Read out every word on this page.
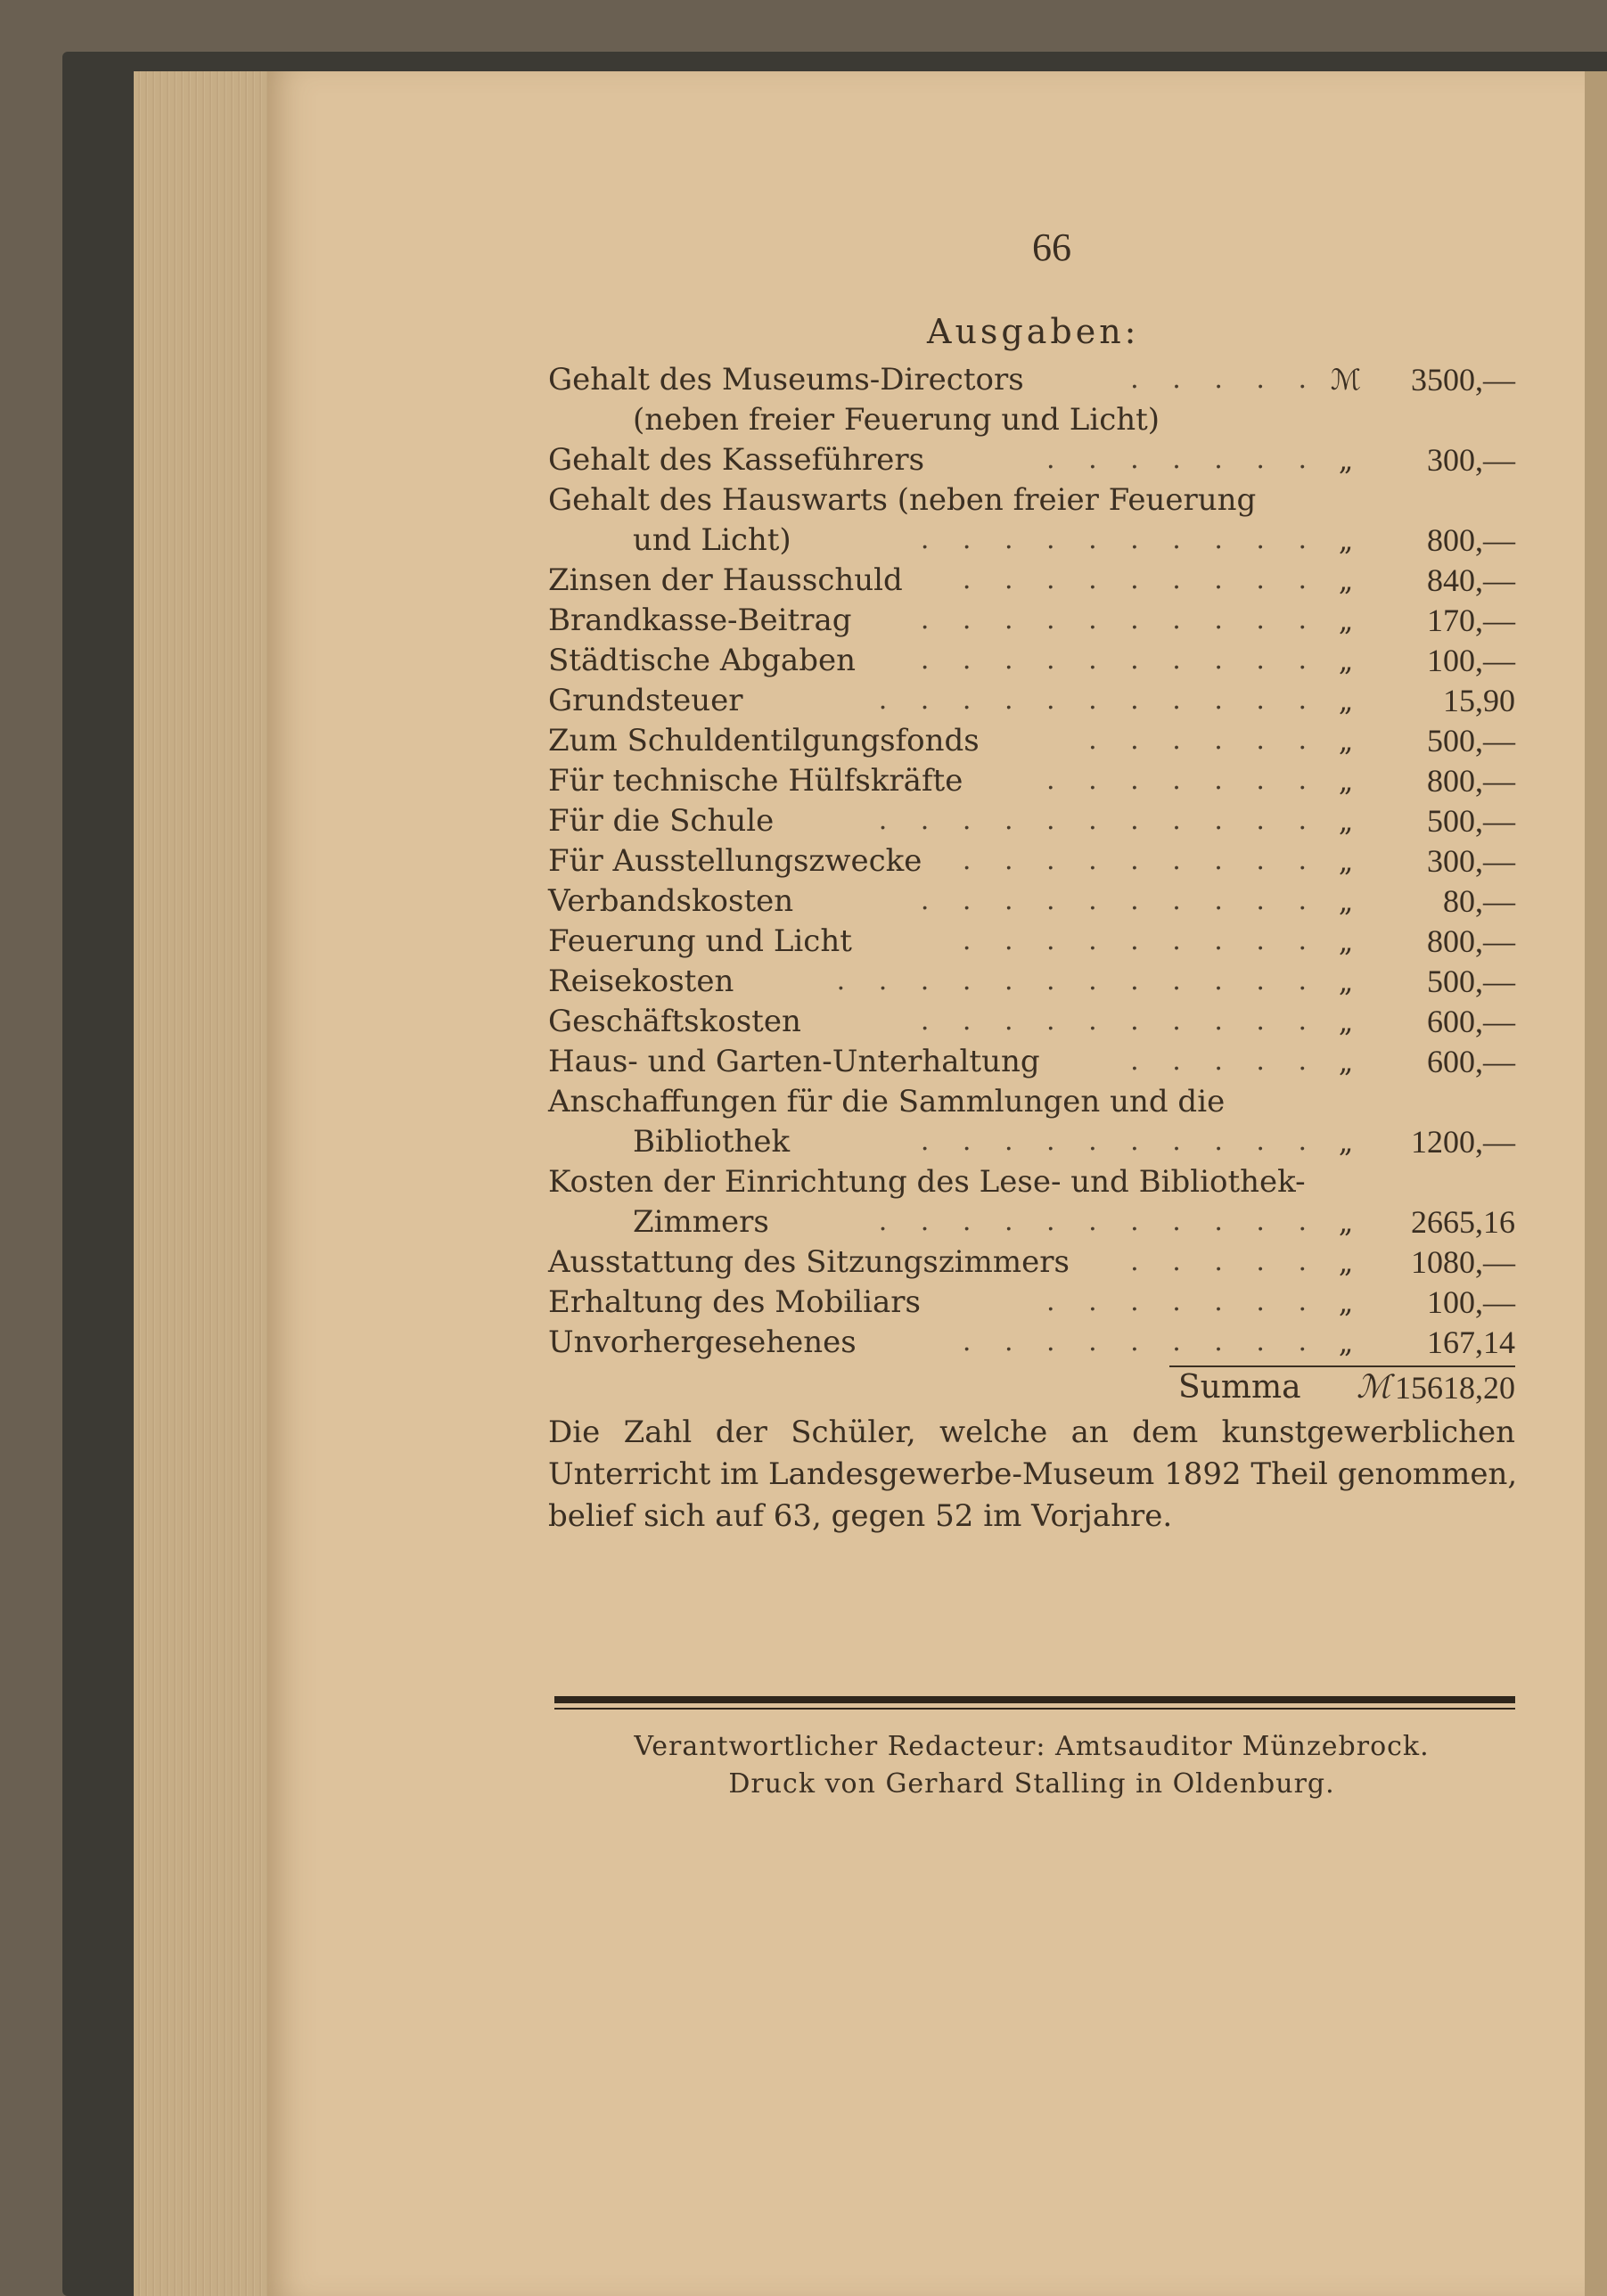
66
Ausgaben:
. . . . .
Gehalt des Museums-Directors	ℳ 3500,—
(neben freier Feuerung und Licht)
. . . . . . .
Gehalt des Kasseführers	„	300,—
Gehalt des Hauswarts (neben freier Feuerung
. . . . . . . . . .
und Licht)	„	800,—
. . . . . . . . .
Zinsen der Hausschuld	„	840,—
. . . . . . . . . .
Brandkasse-Beitrag	„	170,—
. . . . . . . . . .
Städtische Abgaben	„	100,—
. . . . . . . . . . .
Grundsteuer	„	15,90
. . . . . .
Zum Schuldentilgungsfonds	„	500,—
. . . . . . .
Für technische Hülfskräfte	„	800,—
. . . . . . . . . . .
Für die Schule	„	500,—
. . . . . . . . .
Für Ausstellungszwecke	„	300,—
. . . . . . . . . .
Verbandskosten	„	80,—
. . . . . . . . .
Feuerung und Licht	„	800,—
. . . . . . . . . . . .
Reisekosten	„	500,—
. . . . . . . . . .
Geschäftskosten	„	600,—
. . . . .
Haus- und Garten-Unterhaltung	„	600,—
Anschaffungen für die Sammlungen und die
. . . . . . . . . .
Bibliothek	„	1200,—
Kosten der Einrichtung des Lese- und Bibliothek-
. . . . . . . . . . .
Zimmers	„	2665,16
. . . . .
Ausstattung des Sitzungszimmers	„	1080,—
. . . . . . .
Erhaltung des Mobiliars	„	100,—
. . . . . . . . .
Unvorhergesehenes	„	167,14
Summa ℳ 15618,20
Die Zahl der Schüler, welche an dem kunstgewerblichen
Unterricht im Landesgewerbe-Museum 1892 Theil genommen,
belief sich auf 63, gegen 52 im Vorjahre.
Verantwortlicher Redacteur: Amtsauditor Münzebrock.
Druck von Gerhard Stalling in Oldenburg.
